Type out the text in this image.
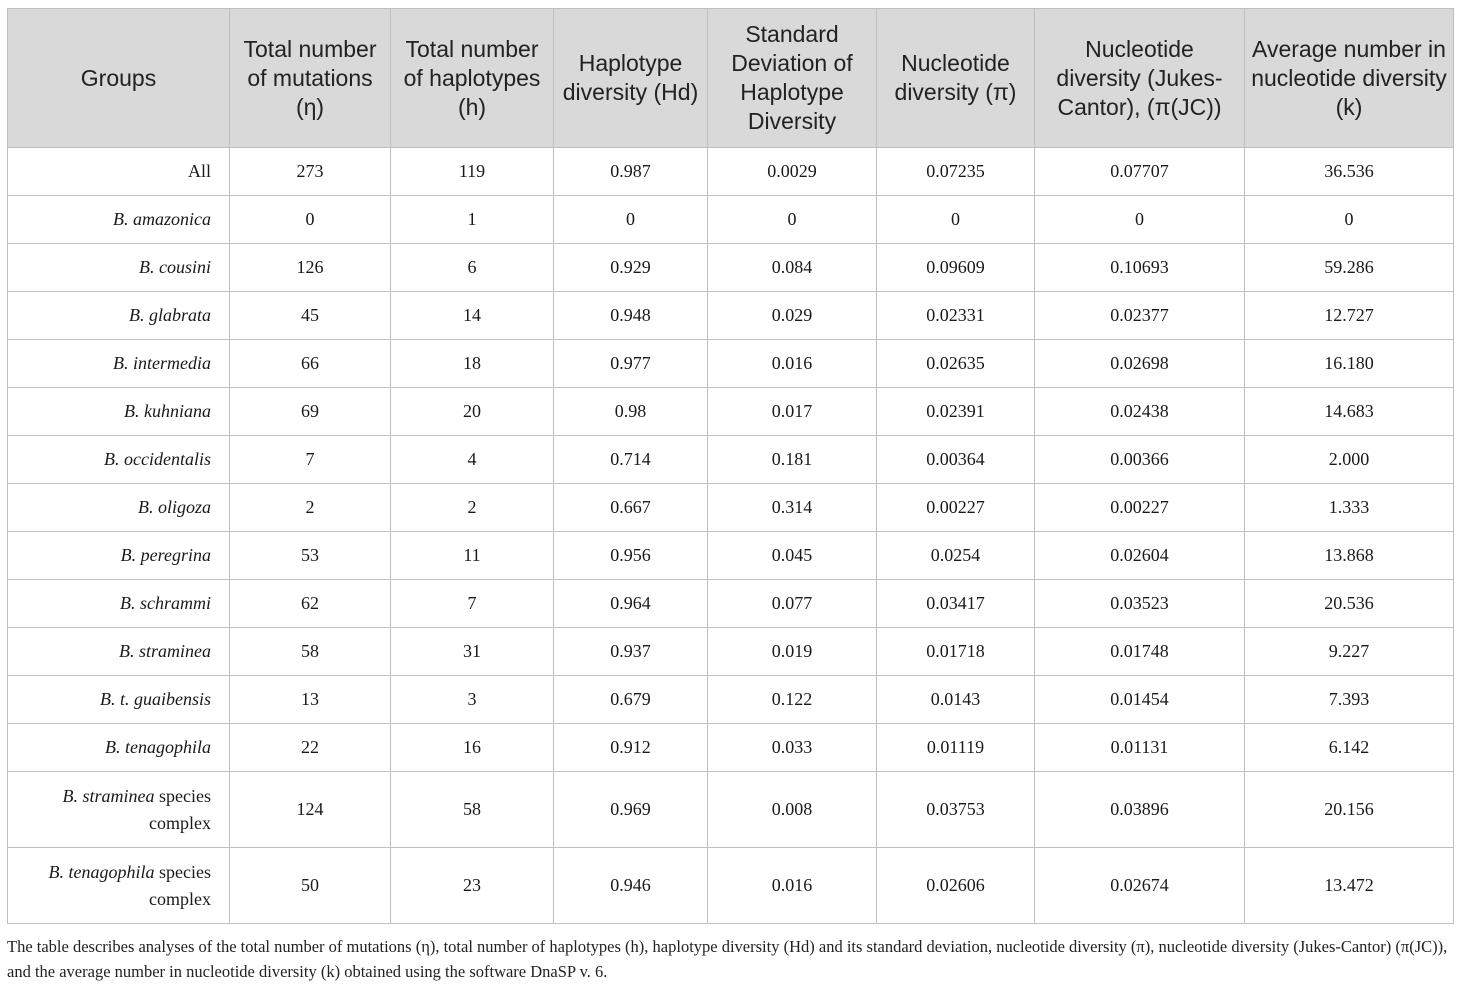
Groups	Total number of mutations (η)	Total number of haplotypes (h)	Haplotype diversity (Hd)	Standard Deviation of Haplotype Diversity	Nucleotide diversity (π)	Nucleotide diversity (Jukes-Cantor), (π(JC))	Average number in nucleotide diversity (k)
All	273	119	0.987	0.0029	0.07235	0.07707	36.536
B. amazonica	0	1	0	0	0	0	0
B. cousini	126	6	0.929	0.084	0.09609	0.10693	59.286
B. glabrata	45	14	0.948	0.029	0.02331	0.02377	12.727
B. intermedia	66	18	0.977	0.016	0.02635	0.02698	16.180
B. kuhniana	69	20	0.98	0.017	0.02391	0.02438	14.683
B. occidentalis	7	4	0.714	0.181	0.00364	0.00366	2.000
B. oligoza	2	2	0.667	0.314	0.00227	0.00227	1.333
B. peregrina	53	11	0.956	0.045	0.0254	0.02604	13.868
B. schrammi	62	7	0.964	0.077	0.03417	0.03523	20.536
B. straminea	58	31	0.937	0.019	0.01718	0.01748	9.227
B. t. guaibensis	13	3	0.679	0.122	0.0143	0.01454	7.393
B. tenagophila	22	16	0.912	0.033	0.01119	0.01131	6.142
B. straminea species complex	124	58	0.969	0.008	0.03753	0.03896	20.156
B. tenagophila species complex	50	23	0.946	0.016	0.02606	0.02674	13.472
The table describes analyses of the total number of mutations (η), total number of haplotypes (h), haplotype diversity (Hd) and its standard deviation, nucleotide diversity (π), nucleotide diversity (Jukes-Cantor) (π(JC)), and the average number in nucleotide diversity (k) obtained using the software DnaSP v. 6.
